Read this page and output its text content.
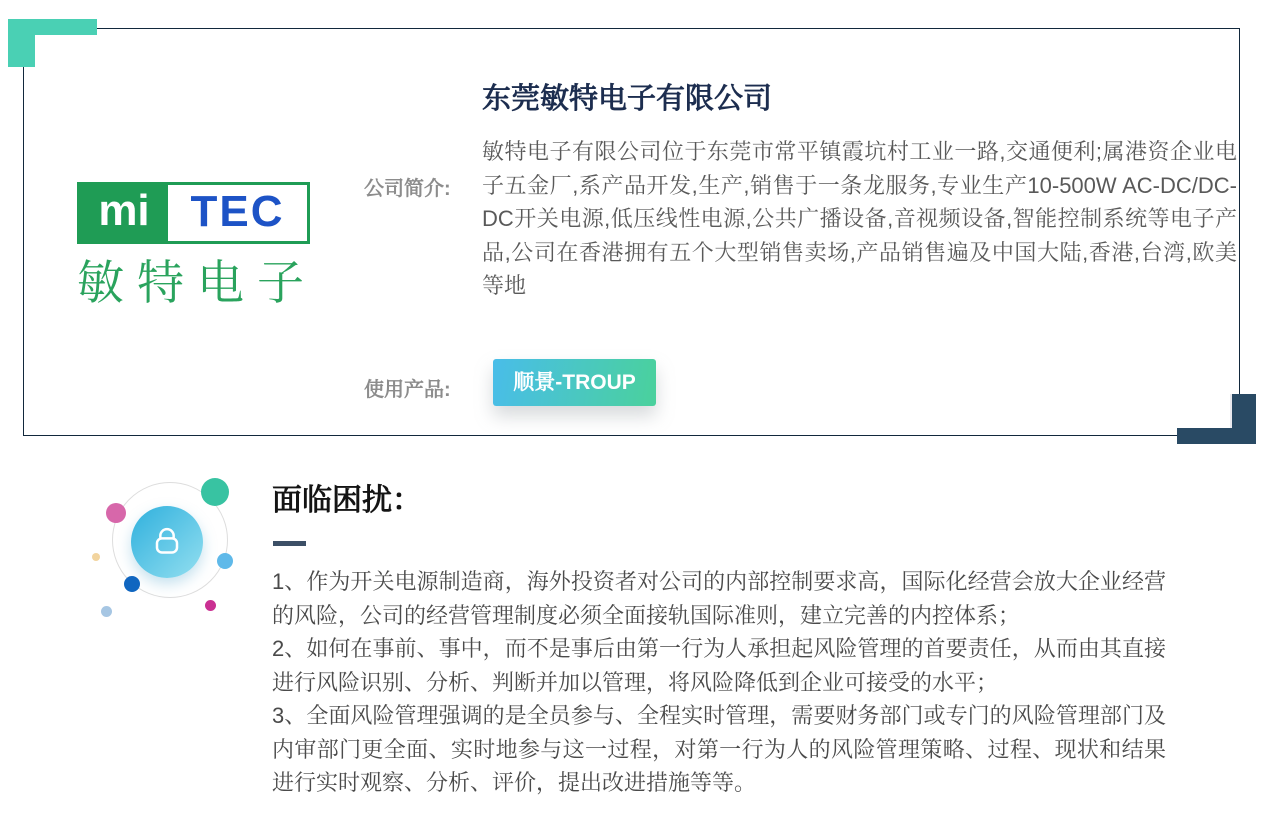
东莞敏特电子有限公司
mi TEC
敏特电子
公司简介:

敏特电子有限公司位于东莞市常平镇霞坑村工业一路,交通便利;属港资企业电子五金厂,系产品开发,生产,销售于一条龙服务,专业生产10-500W AC-DC/DC-DC开关电源,低压线性电源,公共广播设备,音视频设备,智能控制系统等电子产品,公司在香港拥有五个大型销售卖场,产品销售遍及中国大陆,香港,台湾,欧美等地

使用产品:	顺景-TROUP
面临困扰：

1、作为开关电源制造商，海外投资者对公司的内部控制要求高，国际化经营会放大企业经营的风险，公司的经营管理制度必须全面接轨国际准则，建立完善的内控体系；

2、如何在事前、事中，而不是事后由第一行为人承担起风险管理的首要责任，从而由其直接进行风险识别、分析、判断并加以管理，将风险降低到企业可接受的水平；

3、全面风险管理强调的是全员参与、全程实时管理，需要财务部门或专门的风险管理部门及内审部门更全面、实时地参与这一过程，对第一行为人的风险管理策略、过程、现状和结果进行实时观察、分析、评价，提出改进措施等等。
